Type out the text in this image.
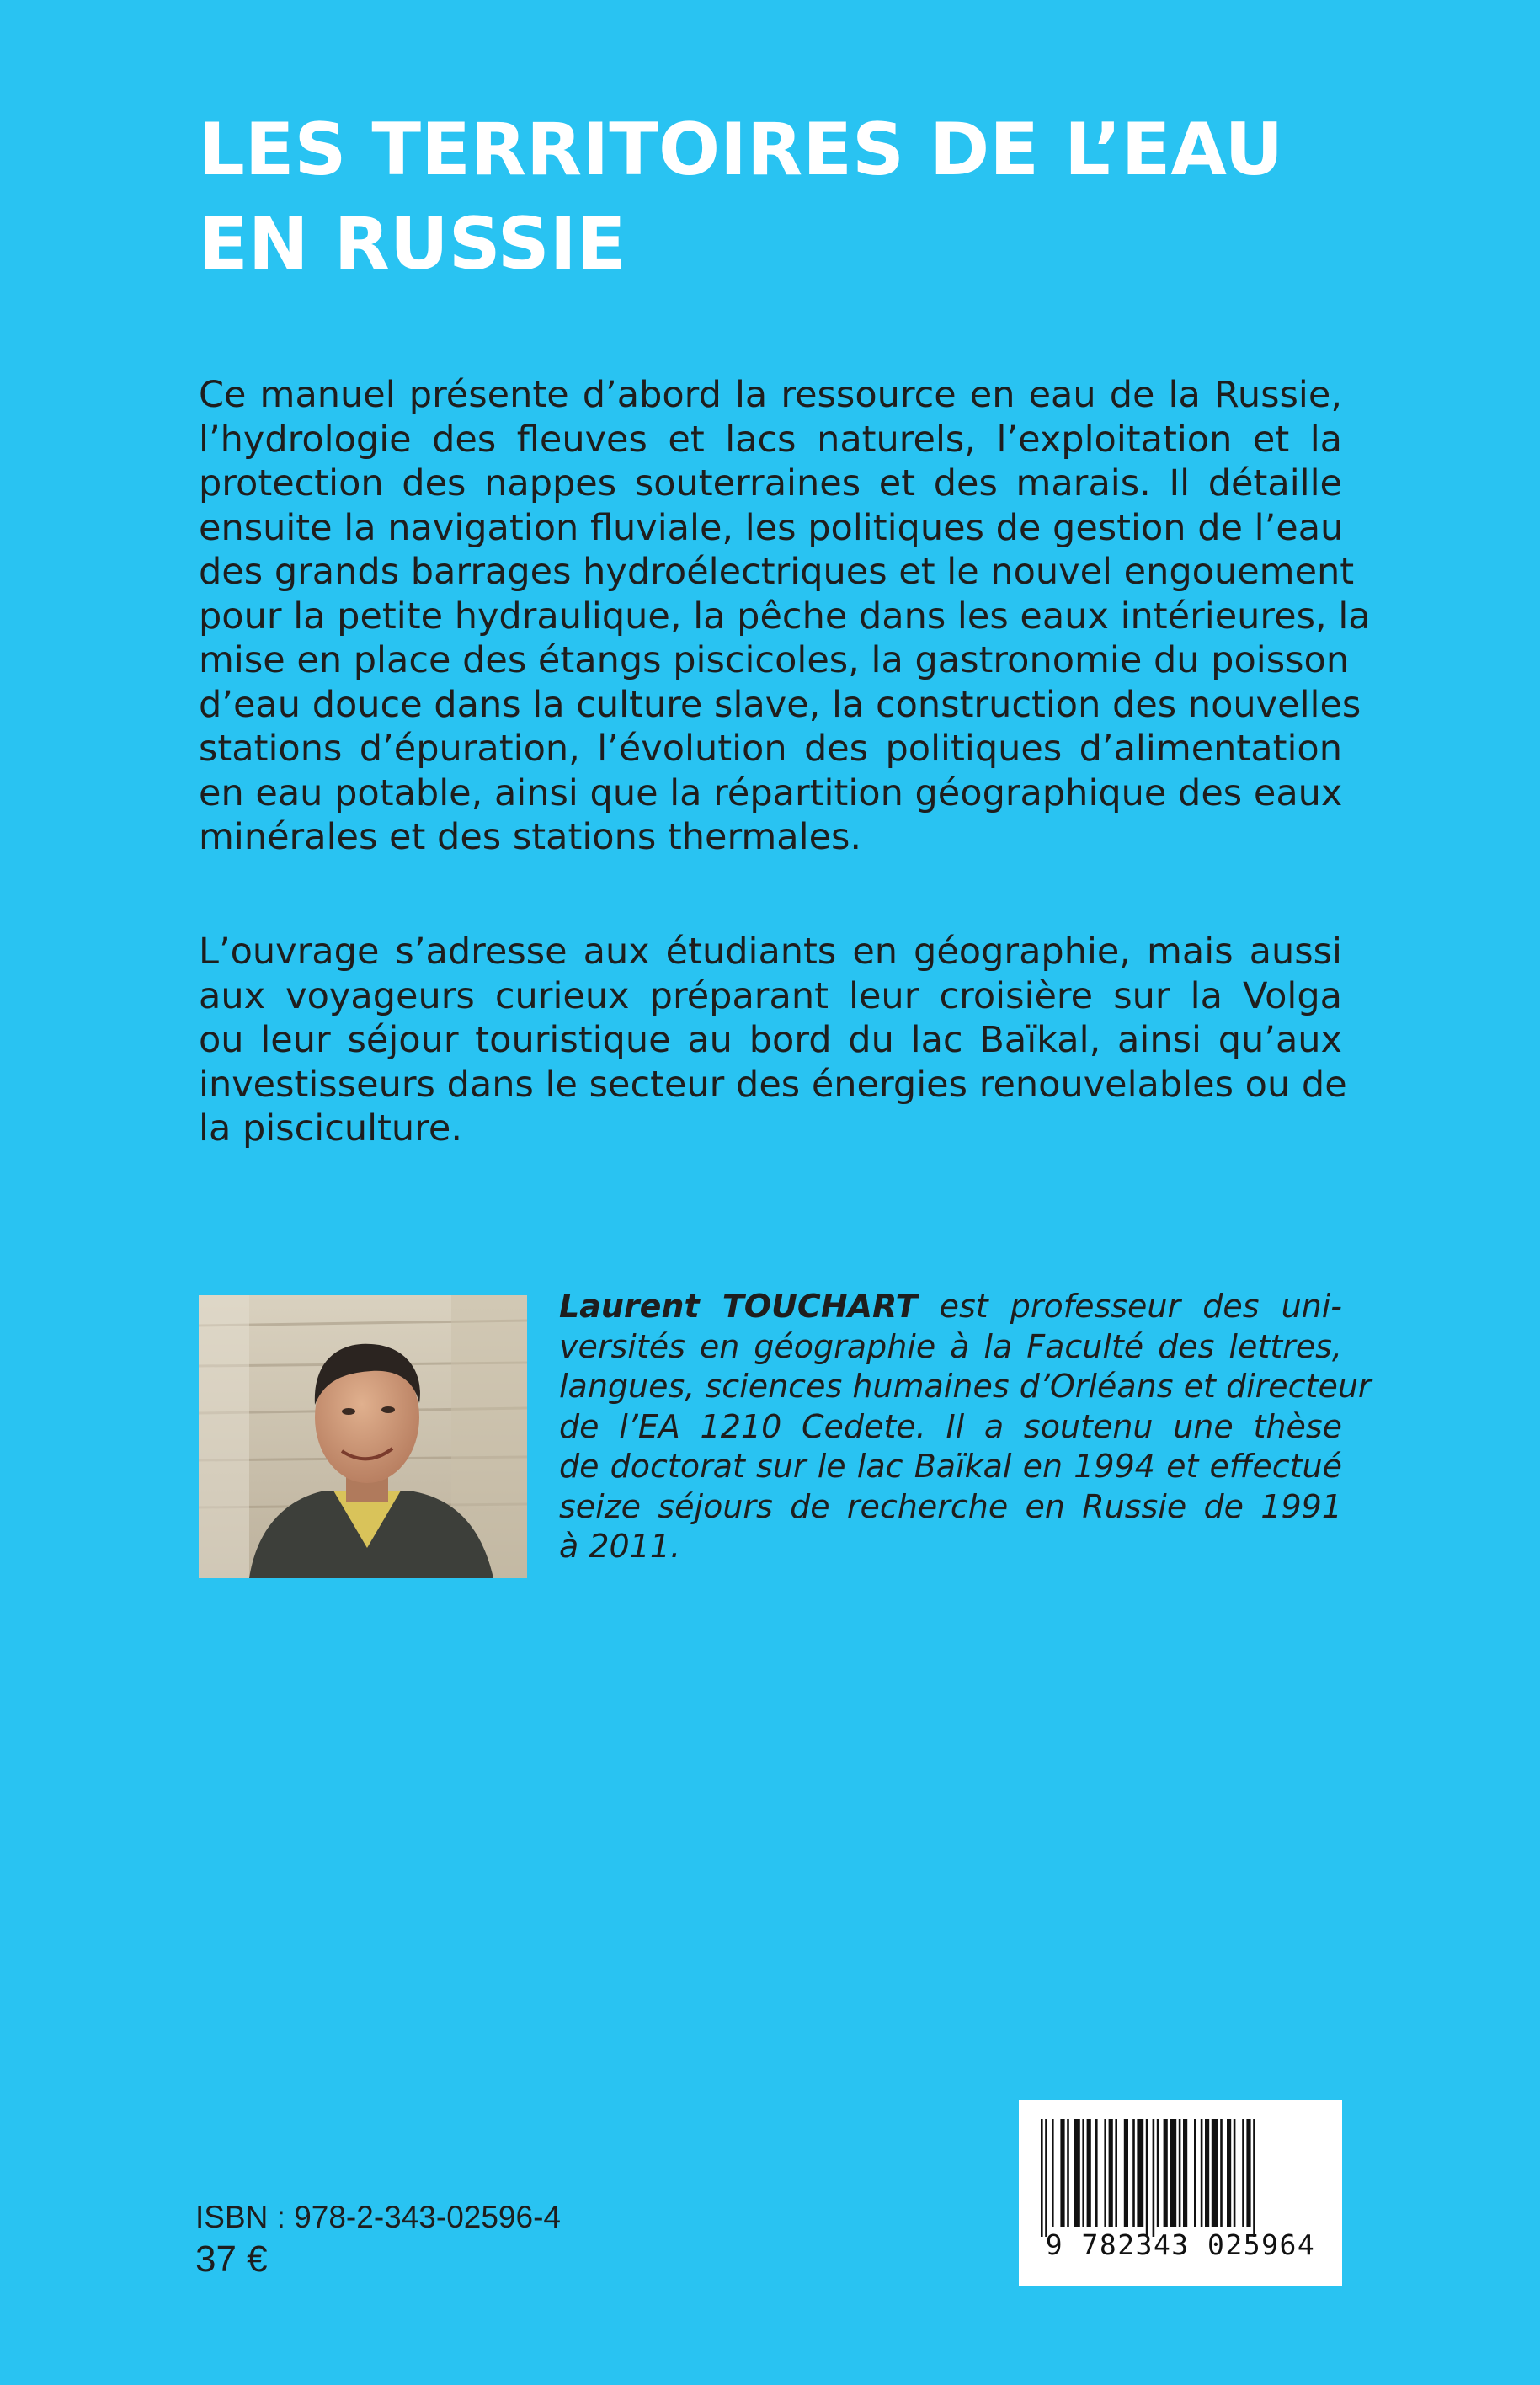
LES TERRITOIRES DE L’EAU
EN RUSSIE
Ce manuel présente d’abord la ressource en eau de la Russie,
l’hydrologie des fleuves et lacs naturels, l’exploitation et la
protection des nappes souterraines et des marais. Il détaille
ensuite la navigation fluviale, les politiques de gestion de l’eau
des grands barrages hydroélectriques et le nouvel engouement
pour la petite hydraulique, la pêche dans les eaux intérieures, la
mise en place des étangs piscicoles, la gastronomie du poisson
d’eau douce dans la culture slave, la construction des nouvelles
stations d’épuration, l’évolution des politiques d’alimentation
en eau potable, ainsi que la répartition géographique des eaux
minérales et des stations thermales.
L’ouvrage s’adresse aux étudiants en géographie, mais aussi
aux voyageurs curieux préparant leur croisière sur la Volga
ou leur séjour touristique au bord du lac Baïkal, ainsi qu’aux
investisseurs dans le secteur des énergies renouvelables ou de
la pisciculture.
Laurent TOUCHART est professeur des uni-
versités en géographie à la Faculté des lettres,
langues, sciences humaines d’Orléans et directeur
de l’EA 1210 Cedete. Il a soutenu une thèse
de doctorat sur le lac Baïkal en 1994 et effectué
seize séjours de recherche en Russie de 1991
à 2011.
ISBN : 978-2-343-02596-4
37 €	9 782343 025964
